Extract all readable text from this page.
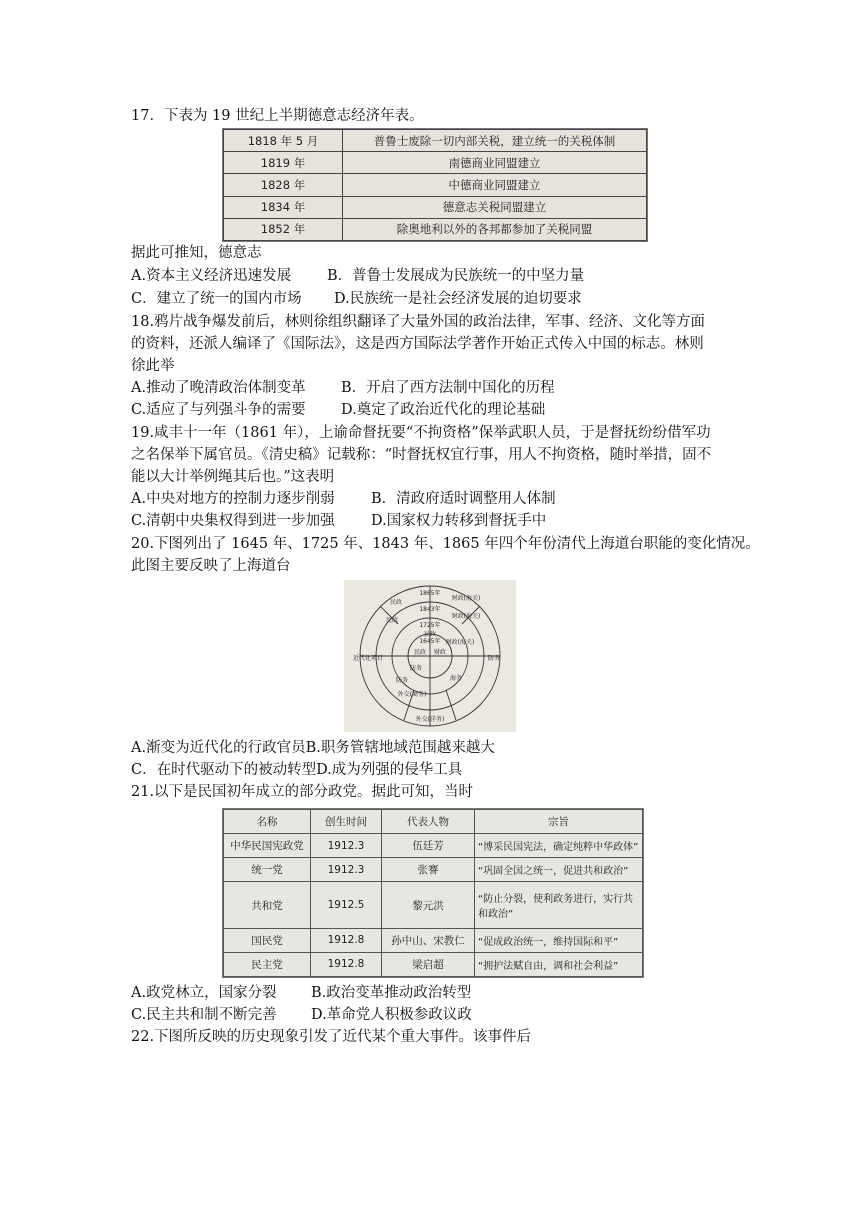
17．下表为 19 世纪上半期德意志经济年表。
1818 年 5 月	普鲁士废除一切内部关税，建立统一的关税体制
1819 年	南德商业同盟建立
1828 年	中德商业同盟建立
1834 年	德意志关税同盟建立
1852 年	除奥地利以外的各邦都参加了关税同盟
据此可推知，德意志
A.资本主义经济迅速发展 B．普鲁士发展成为民族统一的中坚力量
C．建立了统一的国内市场 D.民族统一是社会经济发展的迫切要求
18.鸦片战争爆发前后，林则徐组织翻译了大量外国的政治法律，军事、经济、文化等方面
的资料，还派人编译了《国际法》，这是西方国际法学著作开始正式传入中国的标志。林则
徐此举
A.推动了晚清政治体制变革 B．开启了西方法制中国化的历程
C.适应了与列强斗争的需要 D.奠定了政治近代化的理论基础
19.咸丰十一年（1861 年），上谕命督抚要“不拘资格”保举武职人员，于是督抚纷纷借军功
之名保举下属官员。《清史稿》记载称：“时督抚权宜行事，用人不拘资格，随时举措，固不
能以大计举例绳其后也。”这表明
A.中央对地方的控制力逐步削弱	B．清政府适时调整用人体制
C.清朝中央集权得到进一步加强	D.国家权力转移到督抚手中
20.下图列出了 1645 年、1725 年、1843 年、1865 年四个年份清代上海道台职能的变化情况。
此图主要反映了上海道台
1865年
1843年
1725年
1645年
民政
财政(海关)
民政
财政(海关)
民政
财政(海关)
民政 财政
防务
防务
外交(商务)
海务
防务
外交(洋务)
近代化项目
A.渐变为近代化的行政官员B.职务管辖地域范围越来越大
C．在时代驱动下的被动转型D.成为列强的侵华工具
21.以下是民国初年成立的部分政党。据此可知，当时
名称	创生时间	代表人物	宗旨
中华民国宪政党	1912.3	伍廷芳	“博采民国宪法，确定纯粹中华政体”
统一党	1912.3	张謇	“巩固全国之统一，促进共和政治”
共和党	1912.5	黎元洪	“防止分裂，使利政务进行，实行共和政治”
国民党	1912.8	孙中山、宋教仁	“促成政治统一，维持国际和平”
民主党	1912.8	梁启超	“拥护法赋自由，调和社会利益”
A.政党林立，国家分裂 B.政治变革推动政治转型
C.民主共和制不断完善 D.革命党人积极参政议政
22.下图所反映的历史现象引发了近代某个重大事件。该事件后
